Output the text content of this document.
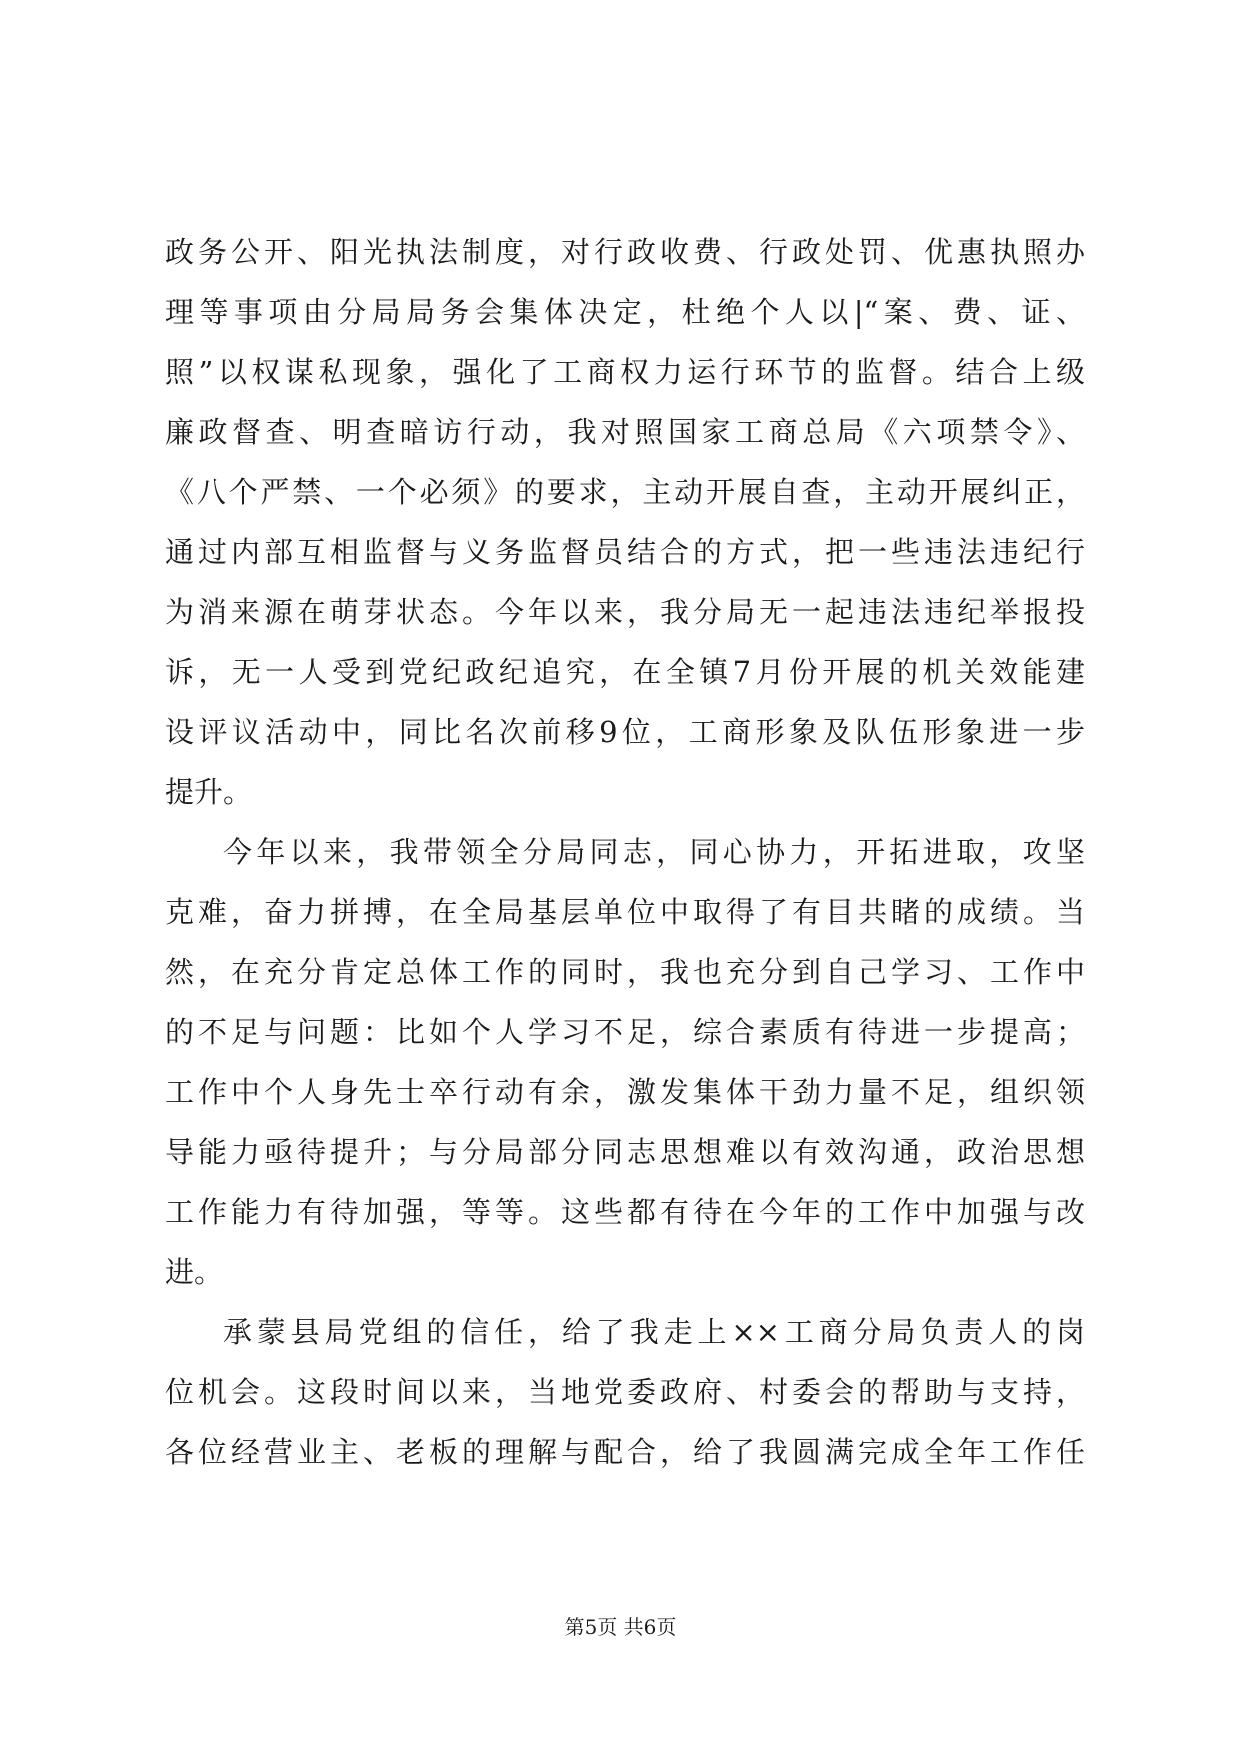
政务公开、阳光执法制度，对行政收费、行政处罚、优惠执照办
理等事项由分局局务会集体决定，杜绝个人以|“案、费、证、
照”以权谋私现象，强化了工商权力运行环节的监督。结合上级
廉政督查、明查暗访行动，我对照国家工商总局《六项禁令》、
《八个严禁、一个必须》的要求，主动开展自查，主动开展纠正，
通过内部互相监督与义务监督员结合的方式，把一些违法违纪行
为消来源在萌芽状态。今年以来，我分局无一起违法违纪举报投
诉，无一人受到党纪政纪追究，在全镇7月份开展的机关效能建
设评议活动中，同比名次前移9位，工商形象及队伍形象进一步
提升。
今年以来，我带领全分局同志，同心协力，开拓进取，攻坚
克难，奋力拼搏，在全局基层单位中取得了有目共睹的成绩。当
然，在充分肯定总体工作的同时，我也充分到自己学习、工作中
的不足与问题：比如个人学习不足，综合素质有待进一步提高；
工作中个人身先士卒行动有余，激发集体干劲力量不足，组织领
导能力亟待提升；与分局部分同志思想难以有效沟通，政治思想
工作能力有待加强，等等。这些都有待在今年的工作中加强与改
进。
承蒙县局党组的信任，给了我走上××工商分局负责人的岗
位机会。这段时间以来，当地党委政府、村委会的帮助与支持，
各位经营业主、老板的理解与配合，给了我圆满完成全年工作任
第5页 共6页
